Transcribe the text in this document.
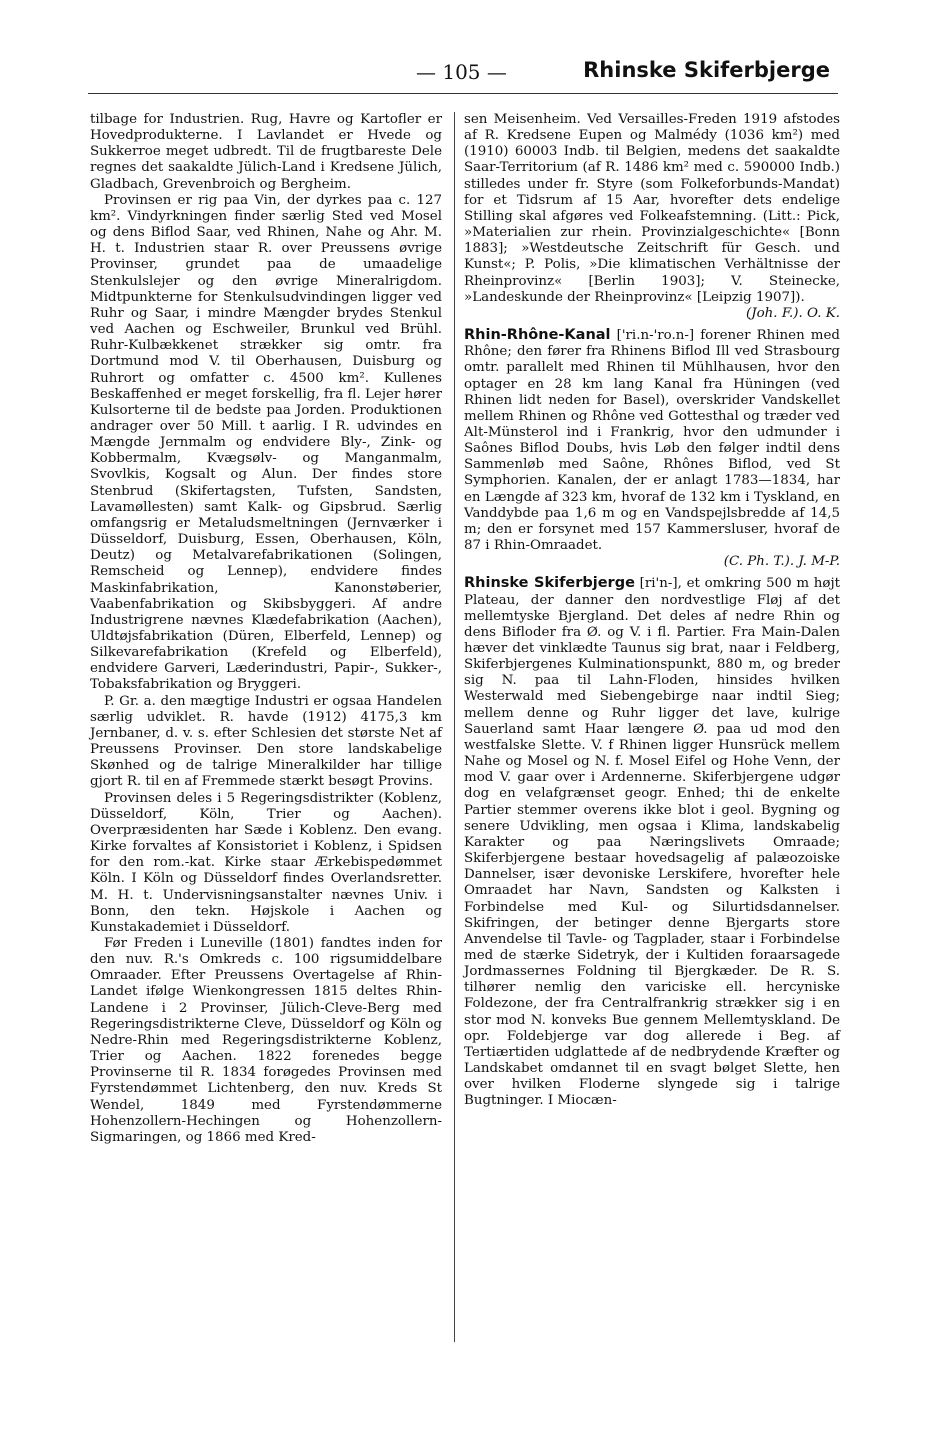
— 105 —	Rhinske Skiferbjerge

tilbage for Industrien. Rug, Havre og Kartofler er Hovedprodukterne. I Lavlandet er Hvede og Sukkerroe meget udbredt. Til de frugtbareste Dele regnes det saakaldte Jülich-Land i Kredsene Jülich, Gladbach, Grevenbroich og Bergheim.

Provinsen er rig paa Vin, der dyrkes paa c. 127 km². Vindyrkningen finder særlig Sted ved Mosel og dens Biflod Saar, ved Rhinen, Nahe og Ahr. M. H. t. Industrien staar R. over Preussens øvrige Provinser, grundet paa de umaadelige Stenkulslejer og den øvrige Mineralrigdom. Midtpunkterne for Stenkulsudvindingen ligger ved Ruhr og Saar, i mindre Mængder brydes Stenkul ved Aachen og Eschweiler, Brunkul ved Brühl. Ruhr-Kulbækkenet strækker sig omtr. fra Dortmund mod V. til Oberhausen, Duisburg og Ruhrort og omfatter c. 4500 km². Kullenes Beskaffenhed er meget forskellig, fra fl. Lejer hører Kulsorterne til de bedste paa Jorden. Produktionen andrager over 50 Mill. t aarlig. I R. udvindes en Mængde Jernmalm og endvidere Bly-, Zink- og Kobbermalm, Kvægsølv- og Manganmalm, Svovlkis, Kogsalt og Alun. Der findes store Stenbrud (Skifertagsten, Tufsten, Sandsten, Lavamøllesten) samt Kalk- og Gipsbrud. Særlig omfangsrig er Metaludsmeltningen (Jernværker i Düsseldorf, Duisburg, Essen, Oberhausen, Köln, Deutz) og Metalvarefabrikationen (Solingen, Remscheid og Lennep), endvidere findes Maskinfabrikation, Kanonstøberier, Vaabenfabrikation og Skibsbyggeri. Af andre Industrigrene nævnes Klædefabrikation (Aachen), Uldtøjsfabrikation (Düren, Elberfeld, Lennep) og Silkevarefabrikation (Krefeld og Elberfeld), endvidere Garveri, Læderindustri, Papir-, Sukker-, Tobaksfabrikation og Bryggeri.

P. Gr. a. den mægtige Industri er ogsaa Handelen særlig udviklet. R. havde (1912) 4175,3 km Jernbaner, d. v. s. efter Schlesien det største Net af Preussens Provinser. Den store landskabelige Skønhed og de talrige Mineralkilder har tillige gjort R. til en af Fremmede stærkt besøgt Provins.

Provinsen deles i 5 Regeringsdistrikter (Koblenz, Düsseldorf, Köln, Trier og Aachen). Overpræsidenten har Sæde i Koblenz. Den evang. Kirke forvaltes af Konsistoriet i Koblenz, i Spidsen for den rom.-kat. Kirke staar Ærkebispedømmet Köln. I Köln og Düsseldorf findes Overlandsretter. M. H. t. Undervisningsanstalter nævnes Univ. i Bonn, den tekn. Højskole i Aachen og Kunstakademiet i Düsseldorf.

Før Freden i Luneville (1801) fandtes inden for den nuv. R.'s Omkreds c. 100 rigsumiddelbare Omraader. Efter Preussens Overtagelse af Rhin-Landet ifølge Wienkongressen 1815 deltes Rhin-Landene i 2 Provinser, Jülich-Cleve-Berg med Regeringsdistrikterne Cleve, Düsseldorf og Köln og Nedre-Rhin med Regeringsdistrikterne Koblenz, Trier og Aachen. 1822 forenedes begge Provinserne til R. 1834 forøgedes Provinsen med Fyrstendømmet Lichtenberg, den nuv. Kreds St Wendel, 1849 med Fyrstendømmerne Hohenzollern-Hechingen og Hohenzollern-Sigmaringen, og 1866 med Kred-

sen Meisenheim. Ved Versailles-Freden 1919 afstodes af R. Kredsene Eupen og Malmédy (1036 km²) med (1910) 60003 Indb. til Belgien, medens det saakaldte Saar-Territorium (af R. 1486 km² med c. 590000 Indb.) stilledes under fr. Styre (som Folkeforbunds-Mandat) for et Tidsrum af 15 Aar, hvorefter dets endelige Stilling skal afgøres ved Folkeafstemning. (Litt.: Pick, »Materialien zur rhein. Provinzialgeschichte« [Bonn 1883]; »Westdeutsche Zeitschrift für Gesch. und Kunst«; P. Polis, »Die klimatischen Verhältnisse der Rheinprovinz« [Berlin 1903]; V. Steinecke, »Landeskunde der Rheinprovinz« [Leipzig 1907]).
(Joh. F.). O. K.

Rhin-Rhône-Kanal ['ri.n-'ro.n-] forener Rhinen med Rhône; den fører fra Rhinens Biflod Ill ved Strasbourg omtr. parallelt med Rhinen til Mühlhausen, hvor den optager en 28 km lang Kanal fra Hüningen (ved Rhinen lidt neden for Basel), overskrider Vandskellet mellem Rhinen og Rhône ved Gottesthal og træder ved Alt-Münsterol ind i Frankrig, hvor den udmunder i Saônes Biflod Doubs, hvis Løb den følger indtil dens Sammenløb med Saône, Rhônes Biflod, ved St Symphorien. Kanalen, der er anlagt 1783—1834, har en Længde af 323 km, hvoraf de 132 km i Tyskland, en Vanddybde paa 1,6 m og en Vandspejlsbredde af 14,5 m; den er forsynet med 157 Kammersluser, hvoraf de 87 i Rhin-Omraadet.
(C. Ph. T.). J. M-P.

Rhinske Skiferbjerge [ri'n-], et omkring 500 m højt Plateau, der danner den nordvestlige Fløj af det mellemtyske Bjergland. Det deles af nedre Rhin og dens Bifloder fra Ø. og V. i fl. Partier. Fra Main-Dalen hæver det vinklædte Taunus sig brat, naar i Feldberg, Skiferbjergenes Kulminationspunkt, 880 m, og breder sig N. paa til Lahn-Floden, hinsides hvilken Westerwald med Siebengebirge naar indtil Sieg; mellem denne og Ruhr ligger det lave, kulrige Sauerland samt Haar længere Ø. paa ud mod den westfalske Slette. V. f Rhinen ligger Hunsrück mellem Nahe og Mosel og N. f. Mosel Eifel og Hohe Venn, der mod V. gaar over i Ardennerne. Skiferbjergene udgør dog en velafgrænset geogr. Enhed; thi de enkelte Partier stemmer overens ikke blot i geol. Bygning og senere Udvikling, men ogsaa i Klima, landskabelig Karakter og paa Næringslivets Omraade; Skiferbjergene bestaar hovedsagelig af palæozoiske Dannelser, især devoniske Lerskifere, hvorefter hele Omraadet har Navn, Sandsten og Kalksten i Forbindelse med Kul- og Silurtidsdannelser. Skifringen, der betinger denne Bjergarts store Anvendelse til Tavle- og Tagplader, staar i Forbindelse med de stærke Sidetryk, der i Kultiden foraarsagede Jordmassernes Foldning til Bjergkæder. De R. S. tilhører nemlig den variciske ell. hercyniske Foldezone, der fra Centralfrankrig strækker sig i en stor mod N. konveks Bue gennem Mellemtyskland. De opr. Foldebjerge var dog allerede i Beg. af Tertiærtiden udglattede af de nedbrydende Kræfter og Landskabet omdannet til en svagt bølget Slette, hen over hvilken Floderne slyngede sig i talrige Bugtninger. I Miocæn-
